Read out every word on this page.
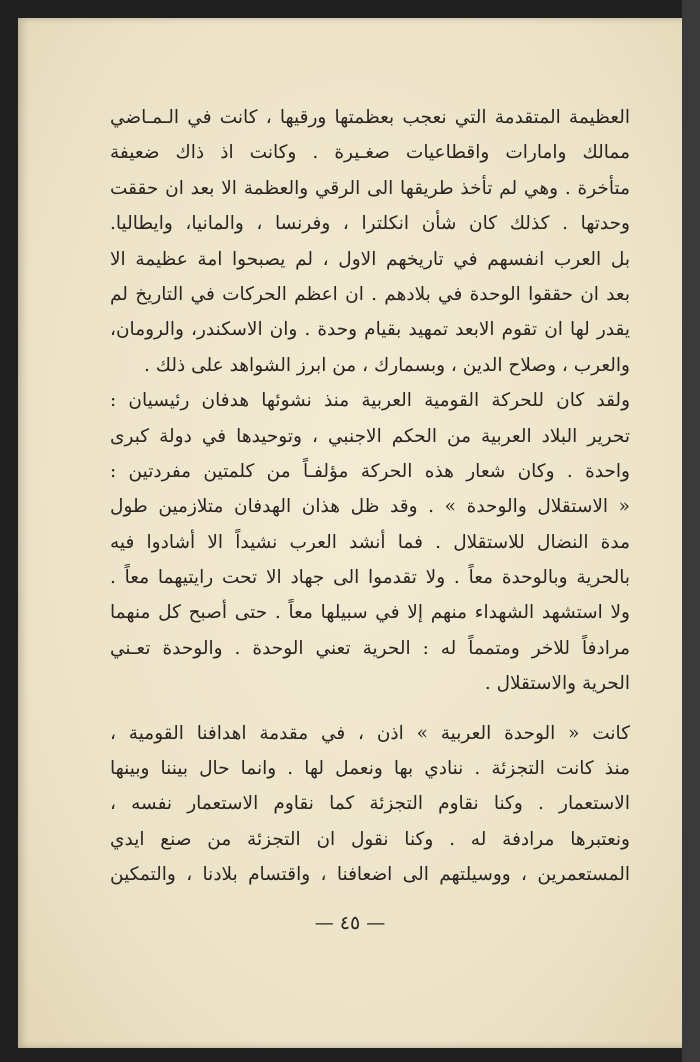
العظيمة المتقدمة التي نعجب بعظمتها ورقيها ، كانت في الـمـاضي
ممالك وامارات واقطاعيات صغـيرة . وكانت اذ ذاك ضعيفة
متأخرة . وهي لم تأخذ طريقها الى الرقي والعظمة الا بعد ان حققت
وحدتها . كذلك كان شأن انكلترا ، وفرنسا ، والمانيا، وايطاليا.
بل العرب انفسهم في تاريخهم الاول ، لم يصبحوا امة عظيمة الا
بعد ان حققوا الوحدة في بلادهم . ان اعظم الحركات في التاريخ لم
يقدر لها ان تقوم الابعد تمهيد بقيام وحدة . وان الاسكندر، والرومان،
والعرب ، وصلاح الدين ، وبسمارك ، من ابرز الشواهد على ذلك .
ولقد كان للحركة القومية العربية منذ نشوئها هدفان رئيسيان :
تحرير البلاد العربية من الحكم الاجنبي ، وتوحيدها في دولة كبرى
واحدة . وكان شعار هذه الحركة مؤلفـاً من كلمتين مفردتين :
« الاستقلال والوحدة » . وقد ظل هذان الهدفان متلازمين طول
مدة النضال للاستقلال . فما أنشد العرب نشيداً الا أشادوا فيه
بالحرية وبالوحدة معاً . ولا تقدموا الى جهاد الا تحت رايتيهما معاً .
ولا استشهد الشهداء منهم إلا في سبيلها معاً . حتى أصبح كل منهما
مرادفاً للاخر ومتمماً له : الحرية تعني الوحدة . والوحدة تعـني
الحرية والاستقلال .
كانت « الوحدة العربية » اذن ، في مقدمة اهدافنا القومية ،
منذ كانت التجزئة . ننادي بها ونعمل لها . وانما حال بيننا وبينها
الاستعمار . وكنا نقاوم التجزئة كما نقاوم الاستعمار نفسه ،
ونعتبرها مرادفة له . وكنا نقول ان التجزئة من صنع ايدي
المستعمرين ، ووسيلتهم الى اضعافنا ، واقتسام بلادنا ، والتمكين
— ٤٥ —
